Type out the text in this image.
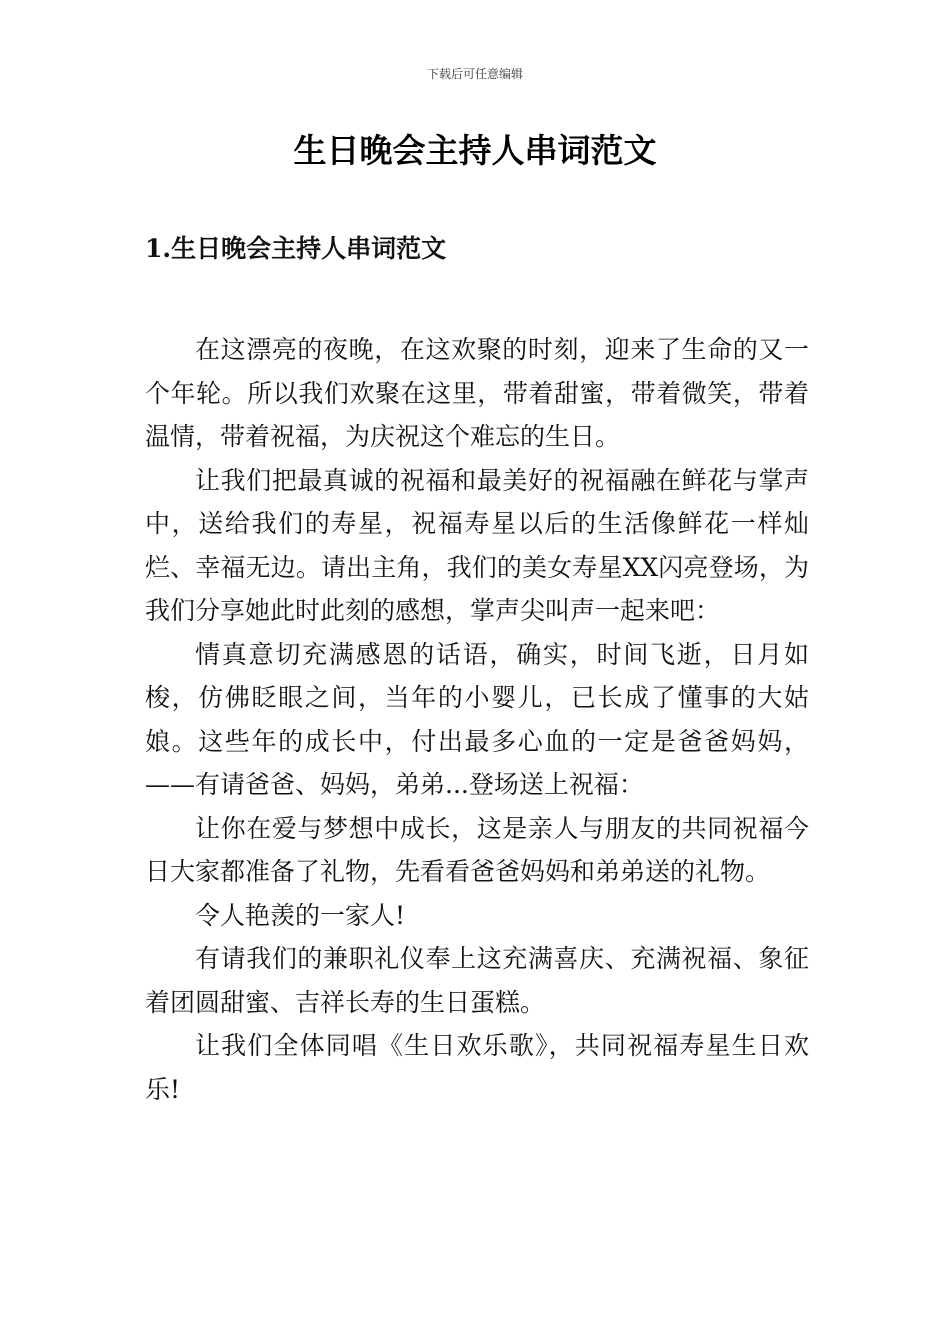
下载后可任意编辑
生日晚会主持人串词范文
1.生日晚会主持人串词范文

在这漂亮的夜晚，在这欢聚的时刻，迎来了生命的又一个年轮。所以我们欢聚在这里，带着甜蜜，带着微笑，带着温情，带着祝福，为庆祝这个难忘的生日。

让我们把最真诚的祝福和最美好的祝福融在鲜花与掌声中，送给我们的寿星，祝福寿星以后的生活像鲜花一样灿烂、幸福无边。请出主角，我们的美女寿星XX闪亮登场，为我们分享她此时此刻的感想，掌声尖叫声一起来吧：

情真意切充满感恩的话语，确实，时间飞逝，日月如梭，仿佛眨眼之间，当年的小婴儿，已长成了懂事的大姑娘。这些年的成长中，付出最多心血的一定是爸爸妈妈，——有请爸爸、妈妈，弟弟...登场送上祝福：

让你在爱与梦想中成长，这是亲人与朋友的共同祝福今日大家都准备了礼物，先看看爸爸妈妈和弟弟送的礼物。

令人艳羡的一家人!

有请我们的兼职礼仪奉上这充满喜庆、充满祝福、象征着团圆甜蜜、吉祥长寿的生日蛋糕。

让我们全体同唱《生日欢乐歌》，共同祝福寿星生日欢乐!
